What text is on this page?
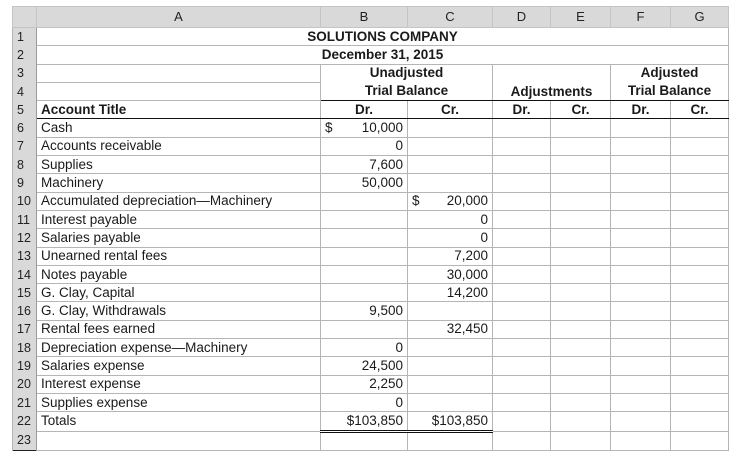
	A	B	C	D	E	F	G
1	SOLUTIONS COMPANY						
2	December 31, 2015						
3		Unadjusted		Adjustments		Adjusted	
4		Trial Balance				Trial Balance	
5	Account Title	Dr.	Cr.	Dr.	Cr.	Dr.	Cr.
6	Cash	$ 10,000	

7	Accounts receivable	0	

8	Supplies	7,600	

9	Machinery	50,000	

10	Accumulated depreciation—Machinery		$ 20,000				
11	Interest payable		0				
12	Salaries payable		0				
13	Unearned rental fees		7,200				
14	Notes payable		30,000				
15	G. Clay, Capital		14,200				
16	G. Clay, Withdrawals	9,500	

17	Rental fees earned		32,450				
18	Depreciation expense—Machinery	0	

19	Salaries expense	24,500	

20	Interest expense	2,250	

21	Supplies expense	0	

22	Totals	$103,850	$103,850				
23							
